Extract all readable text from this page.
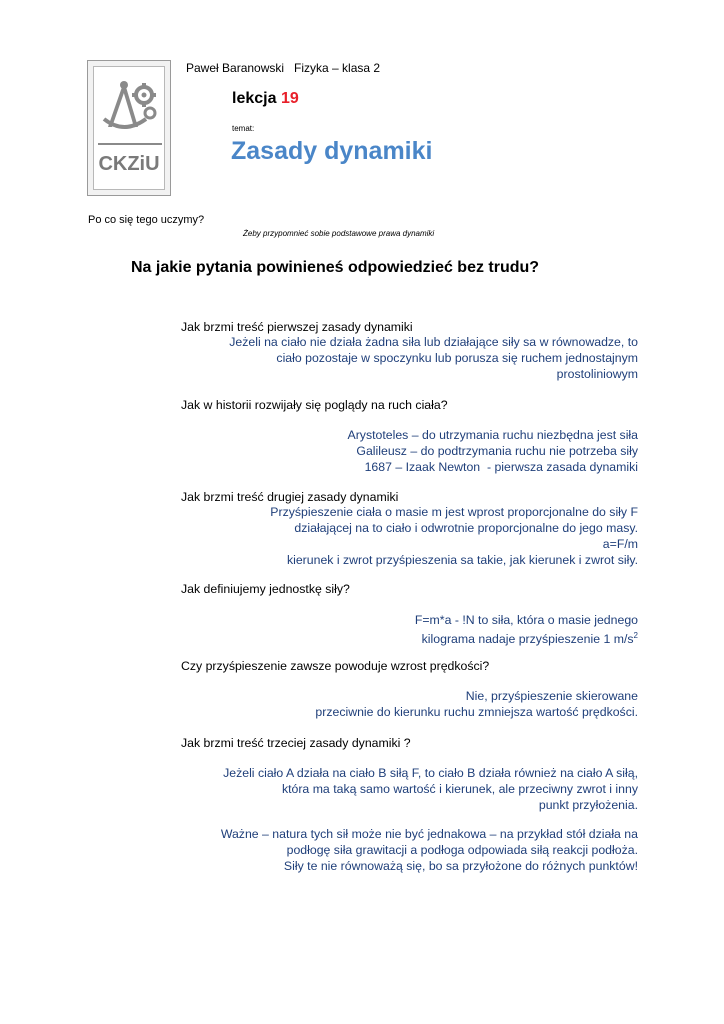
CKZiU
Paweł Baranowski   Fizyka – klasa 2
lekcja 19
temat:
Zasady dynamiki
Po co się tego uczymy?
Żeby przypomnieć sobie podstawowe prawa dynamiki
Na jakie pytania powinieneś odpowiedzieć bez trudu?
Jak brzmi treść pierwszej zasady dynamiki
Jeżeli na ciało nie działa żadna siła lub działające siły sa w równowadze, to
ciało pozostaje w spoczynku lub porusza się ruchem jednostajnym
prostoliniowym
Jak w historii rozwijały się poglądy na ruch ciała?
Arystoteles – do utrzymania ruchu niezbędna jest siła
Galileusz – do podtrzymania ruchu nie potrzeba siły
1687 – Izaak Newton  - pierwsza zasada dynamiki
Jak brzmi treść drugiej zasady dynamiki
Przyśpieszenie ciała o masie m jest wprost proporcjonalne do siły F
działającej na to ciało i odwrotnie proporcjonalne do jego masy.
a=F/m
kierunek i zwrot przyśpieszenia sa takie, jak kierunek i zwrot siły.
Jak definiujemy jednostkę siły?
F=m*a - !N to siła, która o masie jednego
kilograma nadaje przyśpieszenie 1 $m/s^2$
Czy przyśpieszenie zawsze powoduje wzrost prędkości?
Nie, przyśpieszenie skierowane
przeciwnie do kierunku ruchu zmniejsza wartość prędkości.
Jak brzmi treść trzeciej zasady dynamiki ?
Jeżeli ciało A działa na ciało B siłą F, to ciało B działa również na ciało A siłą,
która ma taką samo wartość i kierunek, ale przeciwny zwrot i inny
punkt przyłożenia.
Ważne – natura tych sił może nie być jednakowa – na przykład stół działa na
podłogę siła grawitacji a podłoga odpowiada siłą reakcji podłoża.
Siły te nie równoważą się, bo sa przyłożone do różnych punktów!
